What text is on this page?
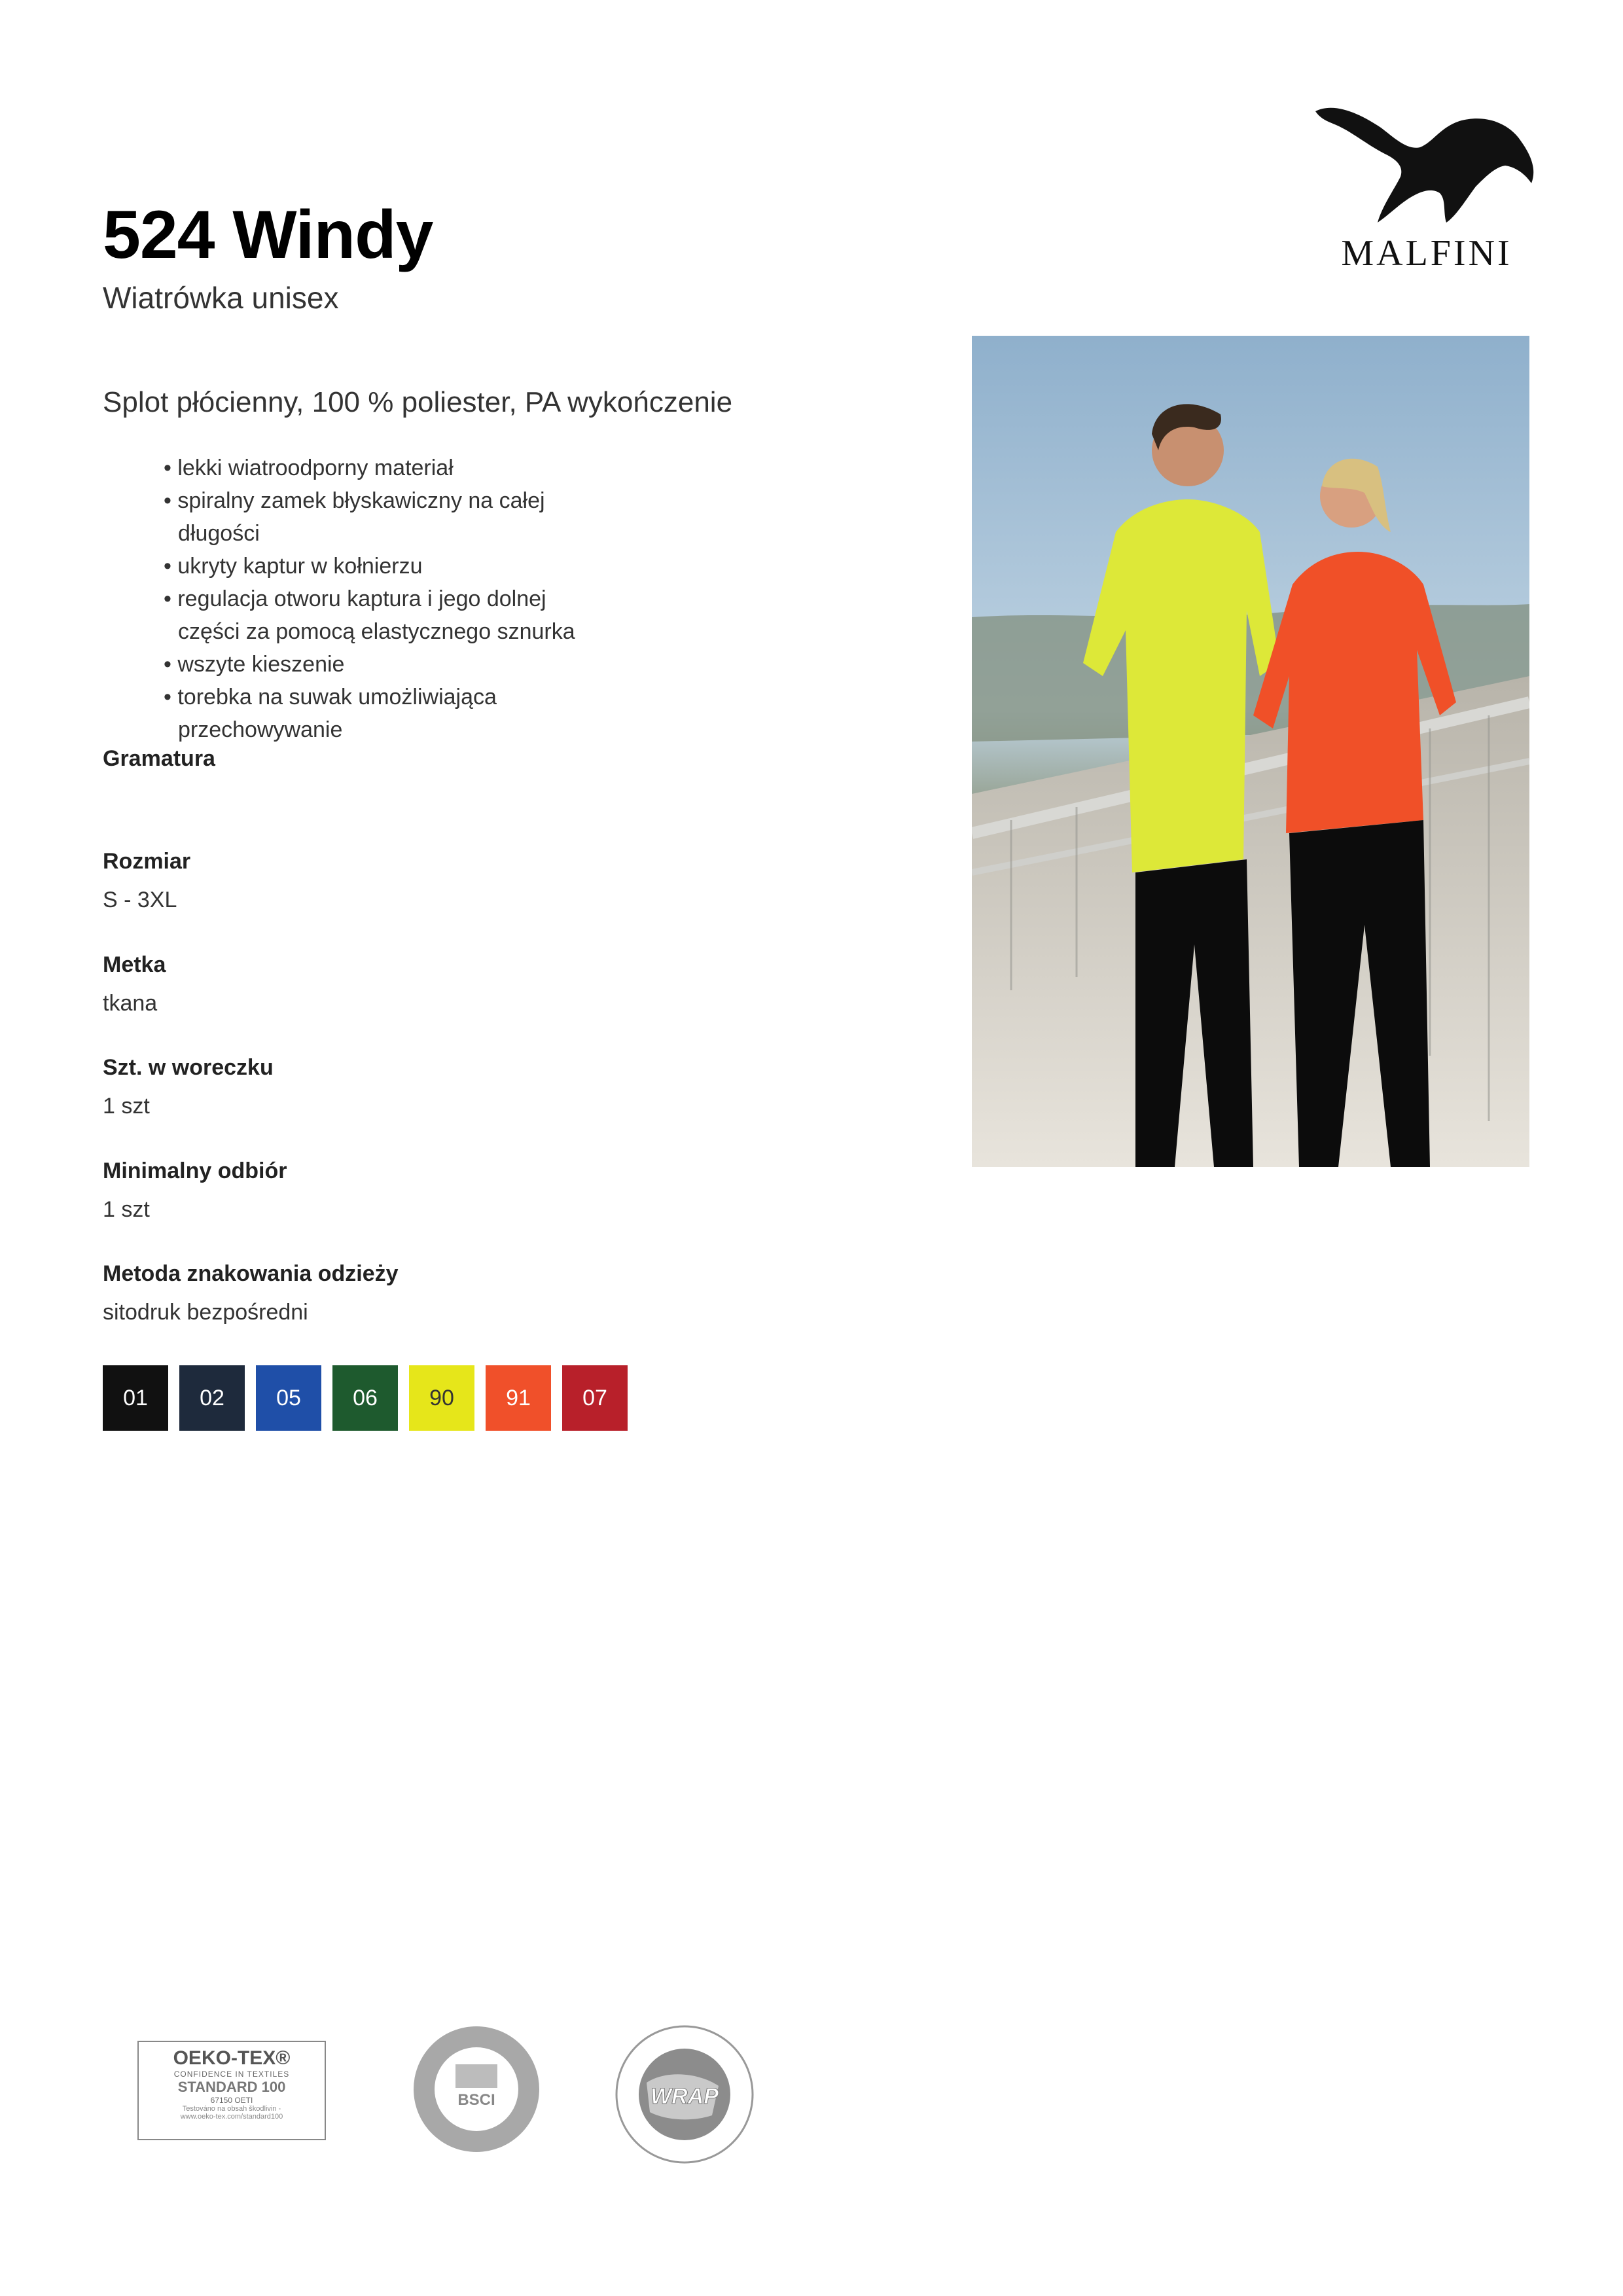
524 Windy
Wiatrówka unisex
MALFINI
Splot płócienny, 100 % poliester, PA wykończenie
• lekki wiatroodporny materiał
• spiralny zamek błyskawiczny na całej długości
• ukryty kaptur w kołnierzu
• regulacja otworu kaptura i jego dolnej części za pomocą elastycznego sznurka
• wszyte kieszenie
• torebka na suwak umożliwiająca przechowywanie
Gramatura
Rozmiar
S - 3XL
Metka
tkana
Szt. w woreczku
1 szt
Minimalny odbiór
1 szt
Metoda znakowania odzieży
sitodruk bezpośredni
01	02	05	06	90	91	07
OEKO-TEX®
CONFIDENCE IN TEXTILES
STANDARD 100
67150 OETI
Testováno na obsah škodlivin -
www.oeko-tex.com/standard100
BSCI	WRAP
